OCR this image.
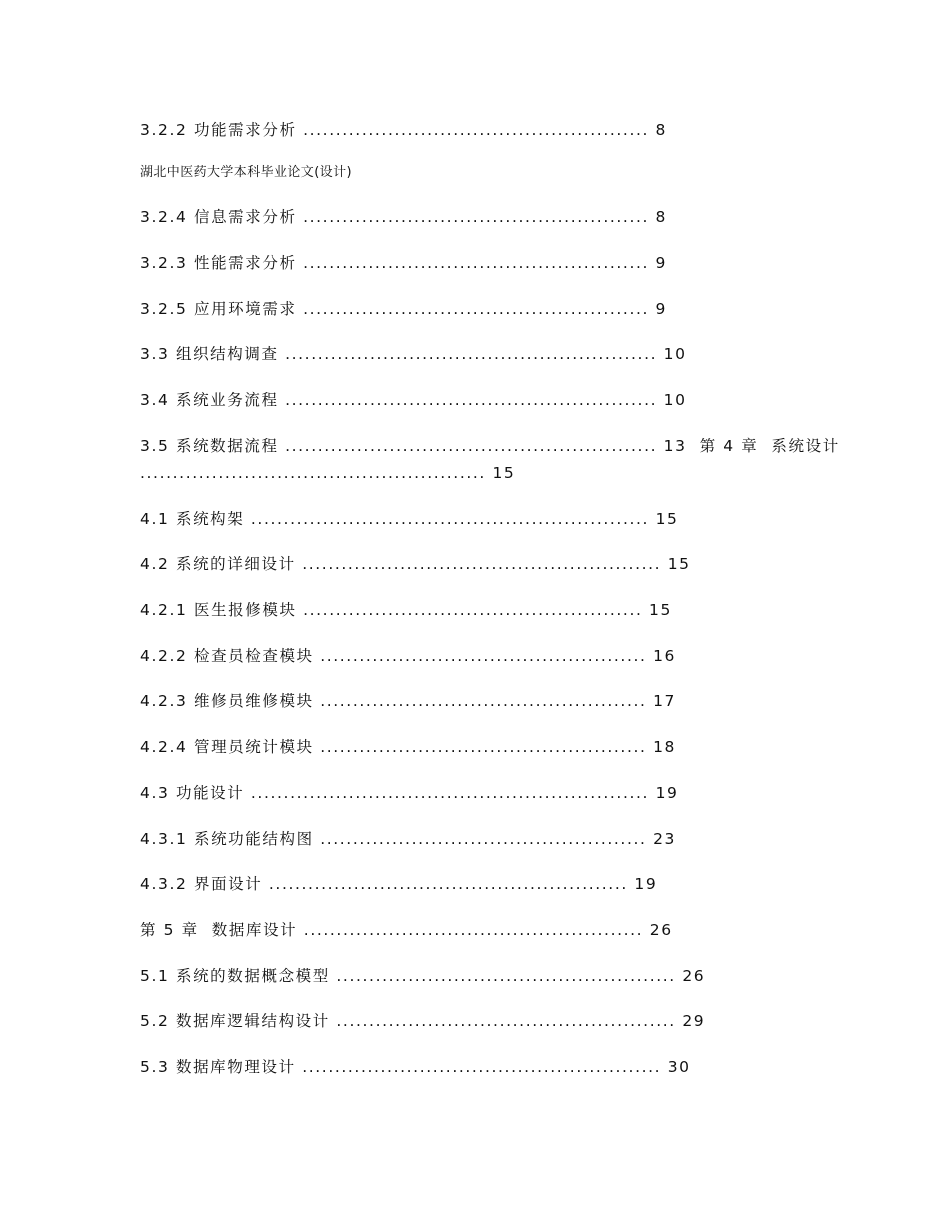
3.2.2 功能需求分析 ..................................................... 8
湖北中医药大学本科毕业论文(设计)
3.2.4 信息需求分析 ..................................................... 8
3.2.3 性能需求分析 ..................................................... 9
3.2.5 应用环境需求 ..................................................... 9
3.3 组织结构调查 ......................................................... 10
3.4 系统业务流程 ......................................................... 10
3.5 系统数据流程 ......................................................... 13  第 4 章  系统设计
..................................................... 15
4.1 系统构架 ............................................................. 15
4.2 系统的详细设计 ....................................................... 15
4.2.1 医生报修模块 .................................................... 15
4.2.2 检查员检查模块 .................................................. 16
4.2.3 维修员维修模块 .................................................. 17
4.2.4 管理员统计模块 .................................................. 18
4.3 功能设计 ............................................................. 19
4.3.1 系统功能结构图 .................................................. 23
4.3.2 界面设计 ....................................................... 19
第 5 章  数据库设计 .................................................... 26
5.1 系统的数据概念模型 .................................................... 26
5.2 数据库逻辑结构设计 .................................................... 29
5.3 数据库物理设计 ....................................................... 30
